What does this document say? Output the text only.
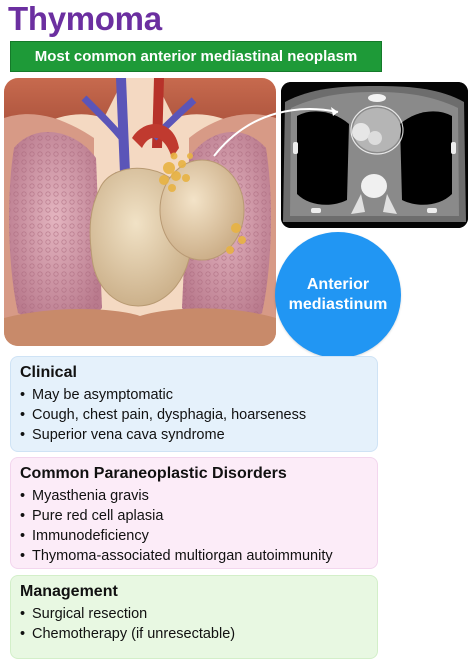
Thymoma
Most common anterior mediastinal neoplasm
Anterior
mediastinum
Clinical
• May be asymptomatic
• Cough, chest pain, dysphagia, hoarseness
• Superior vena cava syndrome
Common Paraneoplastic Disorders
• Myasthenia gravis
• Pure red cell aplasia
• Immunodeficiency
• Thymoma-associated multiorgan autoimmunity
Management
• Surgical resection
• Chemotherapy (if unresectable)
